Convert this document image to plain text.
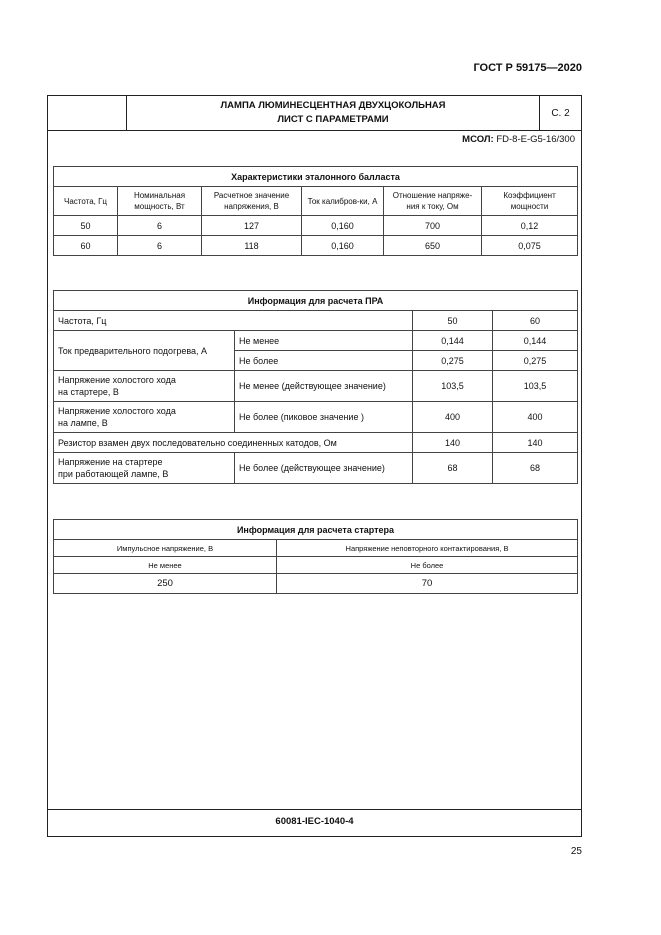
ГОСТ Р 59175—2020
ЛАМПА ЛЮМИНЕСЦЕНТНАЯ ДВУХЦОКОЛЬНАЯ
ЛИСТ С ПАРАМЕТРАМИ
С. 2
МСОЛ: FD-8-E-G5-16/300
60081-IEC-1040-4
Характеристики эталонного балласта					
Частота, Гц	Номинальная мощность, Вт	Расчетное значение напряжения, В	Ток калибров-ки, А	Отношение напряже-ния к току, Ом	Коэффициент мощности
50	6	127	0,160	700	0,12
60	6	118	0,160	650	0,075
Информация для расчета ПРА			
Частота, Гц		50	60
Ток предварительного подогрева, А	Не менее	0,144	0,144
	Не более	0,275	0,275
Напряжение холостого хода
на стартере, В	Не менее (действующее значение)	103,5	103,5
Напряжение холостого хода
на лампе, В	Не более (пиковое значение )	400	400
Резистор взамен двух последовательно соединенных катодов, Ом		140	140
Напряжение на стартере
при работающей лампе, В	Не более (действующее значение)	68	68
Информация для расчета стартера	
Импульсное напряжение, В	Напряжение неповторного контактирования, В
Не менее	Не более
250	70
25
